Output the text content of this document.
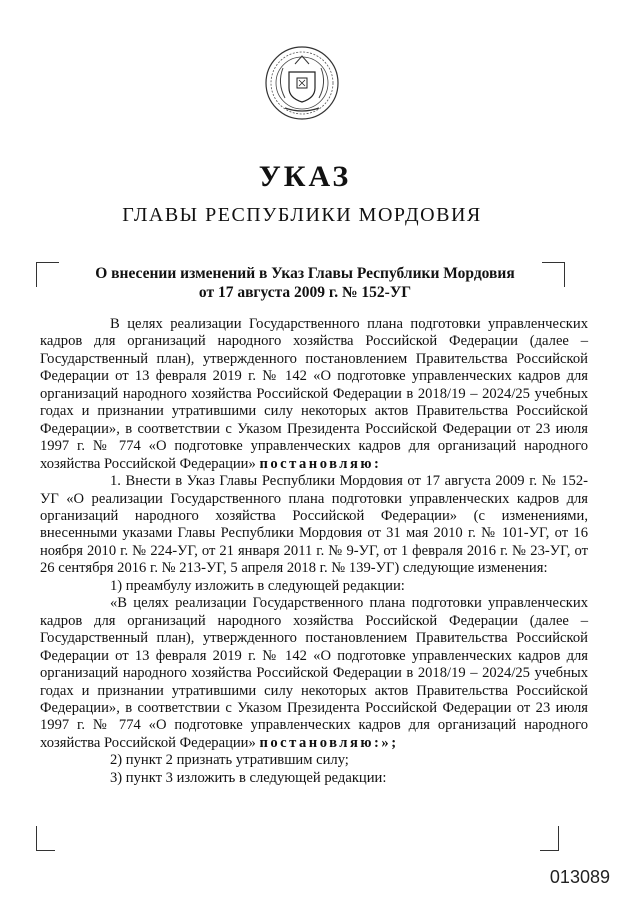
УКАЗ
ГЛАВЫ РЕСПУБЛИКИ МОРДОВИЯ
О внесении изменений в Указ Главы Республики Мордовия
от 17 августа 2009 г. № 152-УГ

В целях реализации Государственного плана подготовки управленческих кадров для организаций народного хозяйства Российской Федерации (далее – Государственный план), утвержденного постановлением Правительства Российской Федерации от 13 февраля 2019 г. № 142 «О подготовке управленческих кадров для организаций народного хозяйства Российской Федерации в 2018/19 – 2024/25 учебных годах и признании утратившими силу некоторых актов Правительства Российской Федерации», в соответствии с Указом Президента Российской Федерации от 23 июля 1997 г. № 774 «О подготовке управленческих кадров для организаций народного хозяйства Российской Федерации» постановляю:

1. Внести в Указ Главы Республики Мордовия от 17 августа 2009 г. № 152-УГ «О реализации Государственного плана подготовки управленческих кадров для организаций народного хозяйства Российской Федерации» (с изменениями, внесенными указами Главы Республики Мордовия от 31 мая 2010 г. № 101-УГ, от 16 ноября 2010 г. № 224-УГ, от 21 января 2011 г. № 9-УГ, от 1 февраля 2016 г. № 23-УГ, от 26 сентября 2016 г. № 213-УГ, 5 апреля 2018 г. № 139-УГ) следующие изменения:

1) преамбулу изложить в следующей редакции:

«В целях реализации Государственного плана подготовки управленческих кадров для организаций народного хозяйства Российской Федерации (далее – Государственный план), утвержденного постановлением Правительства Российской Федерации от 13 февраля 2019 г. № 142 «О подготовке управленческих кадров для организаций народного хозяйства Российской Федерации в 2018/19 – 2024/25 учебных годах и признании утратившими силу некоторых актов Правительства Российской Федерации», в соответствии с Указом Президента Российской Федерации от 23 июля 1997 г. № 774 «О подготовке управленческих кадров для организаций народного хозяйства Российской Федерации» постановляю:»;

2) пункт 2 признать утратившим силу;

3) пункт 3 изложить в следующей редакции:

013089
